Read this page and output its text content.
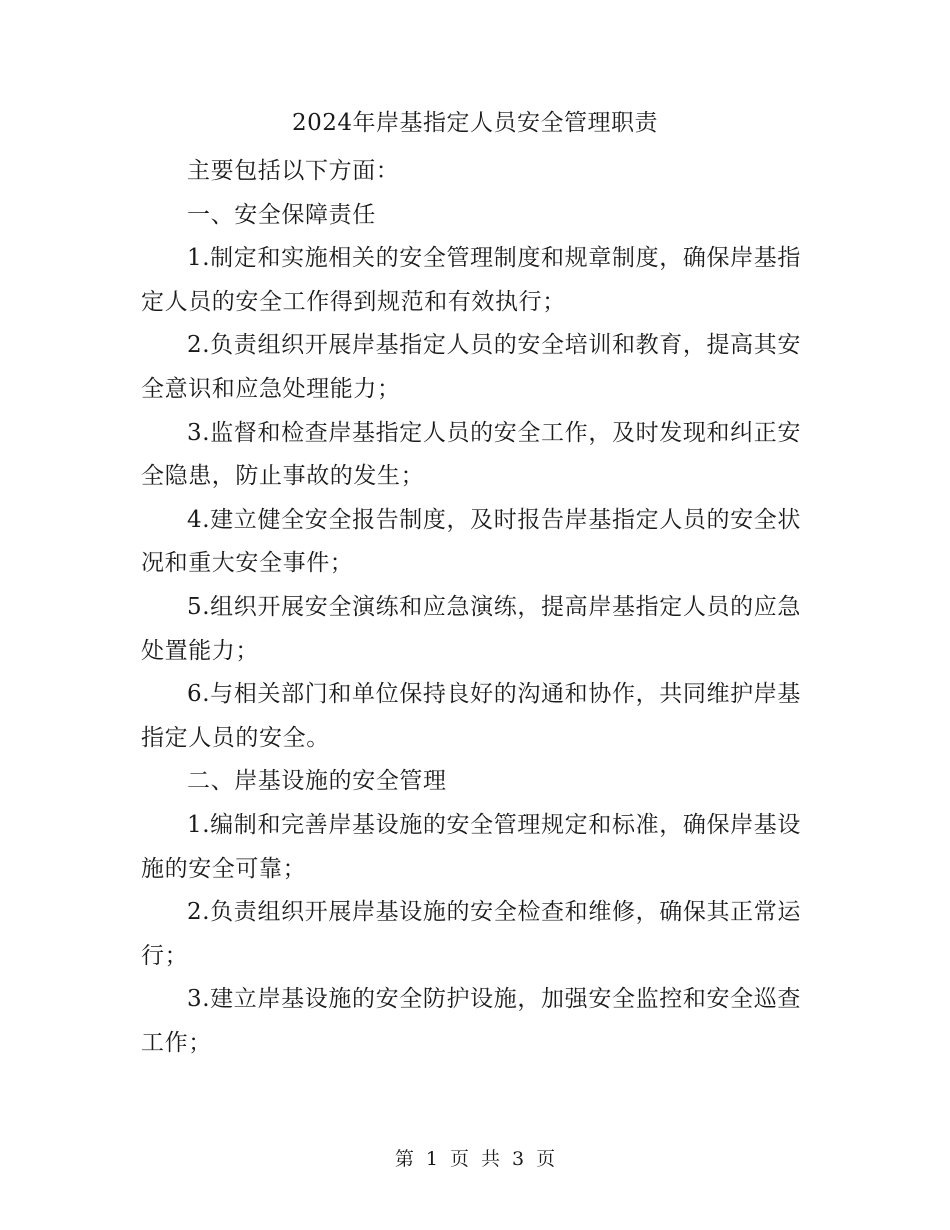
2024年岸基指定人员安全管理职责

主要包括以下方面：

一、安全保障责任

1.制定和实施相关的安全管理制度和规章制度，确保岸基指定人员的安全工作得到规范和有效执行；

2.负责组织开展岸基指定人员的安全培训和教育，提高其安全意识和应急处理能力；

3.监督和检查岸基指定人员的安全工作，及时发现和纠正安全隐患，防止事故的发生；

4.建立健全安全报告制度，及时报告岸基指定人员的安全状况和重大安全事件；

5.组织开展安全演练和应急演练，提高岸基指定人员的应急处置能力；

6.与相关部门和单位保持良好的沟通和协作，共同维护岸基指定人员的安全。

二、岸基设施的安全管理

1.编制和完善岸基设施的安全管理规定和标准，确保岸基设施的安全可靠；

2.负责组织开展岸基设施的安全检查和维修，确保其正常运行；

3.建立岸基设施的安全防护设施，加强安全监控和安全巡查工作；

第 1 页 共 3 页
